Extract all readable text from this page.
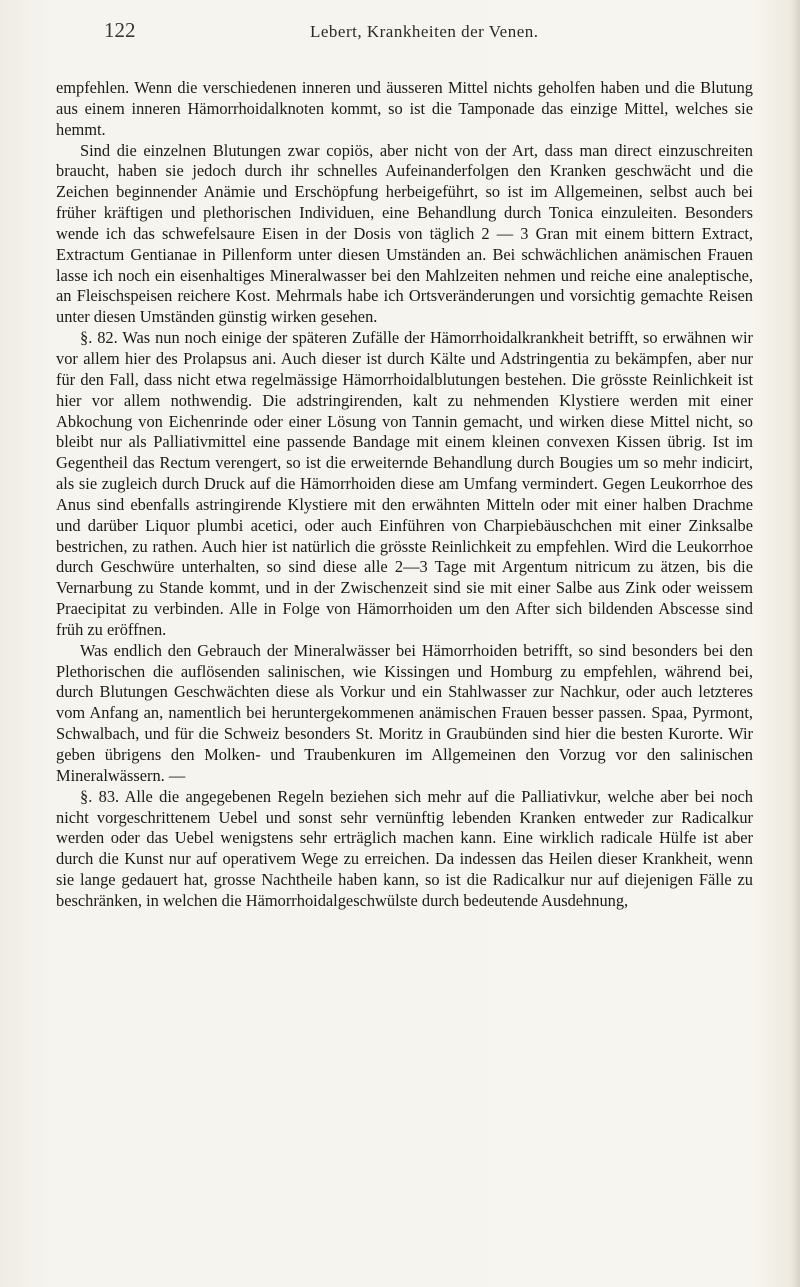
122	Lebert, Krankheiten der Venen.

empfehlen. Wenn die verschiedenen inneren und äusseren Mittel nichts geholfen haben und die Blutung aus einem inneren Hämorrhoidalknoten kommt, so ist die Tamponade das einzige Mittel, welches sie hemmt.

Sind die einzelnen Blutungen zwar copiös, aber nicht von der Art, dass man direct einzuschreiten braucht, haben sie jedoch durch ihr schnelles Aufeinanderfolgen den Kranken geschwächt und die Zeichen beginnender Anämie und Erschöpfung herbeigeführt, so ist im Allgemeinen, selbst auch bei früher kräftigen und plethorischen Individuen, eine Behandlung durch Tonica einzuleiten. Besonders wende ich das schwefelsaure Eisen in der Dosis von täglich 2 — 3 Gran mit einem bittern Extract, Extractum Gentianae in Pillenform unter diesen Umständen an. Bei schwächlichen anämischen Frauen lasse ich noch ein eisenhaltiges Mineralwasser bei den Mahlzeiten nehmen und reiche eine analeptische, an Fleischspeisen reichere Kost. Mehrmals habe ich Ortsveränderungen und vorsichtig gemachte Reisen unter diesen Umständen günstig wirken gesehen.

§. 82. Was nun noch einige der späteren Zufälle der Hämorrhoidalkrankheit betrifft, so erwähnen wir vor allem hier des Prolapsus ani. Auch dieser ist durch Kälte und Adstringentia zu bekämpfen, aber nur für den Fall, dass nicht etwa regelmässige Hämorrhoidalblutungen bestehen. Die grösste Reinlichkeit ist hier vor allem nothwendig. Die adstringirenden, kalt zu nehmenden Klystiere werden mit einer Abkochung von Eichenrinde oder einer Lösung von Tannin gemacht, und wirken diese Mittel nicht, so bleibt nur als Palliativmittel eine passende Bandage mit einem kleinen convexen Kissen übrig. Ist im Gegentheil das Rectum verengert, so ist die erweiternde Behandlung durch Bougies um so mehr indicirt, als sie zugleich durch Druck auf die Hämorrhoiden diese am Umfang vermindert. Gegen Leukorrhoe des Anus sind ebenfalls astringirende Klystiere mit den erwähnten Mitteln oder mit einer halben Drachme und darüber Liquor plumbi acetici, oder auch Einführen von Charpiebäuschchen mit einer Zinksalbe bestrichen, zu rathen. Auch hier ist natürlich die grösste Reinlichkeit zu empfehlen. Wird die Leukorrhoe durch Geschwüre unterhalten, so sind diese alle 2—3 Tage mit Argentum nitricum zu ätzen, bis die Vernarbung zu Stande kommt, und in der Zwischenzeit sind sie mit einer Salbe aus Zink oder weissem Praecipitat zu verbinden. Alle in Folge von Hämorrhoiden um den After sich bildenden Abscesse sind früh zu eröffnen.

Was endlich den Gebrauch der Mineralwässer bei Hämorrhoiden betrifft, so sind besonders bei den Plethorischen die auflösenden salinischen, wie Kissingen und Homburg zu empfehlen, während bei, durch Blutungen Geschwächten diese als Vorkur und ein Stahlwasser zur Nachkur, oder auch letzteres vom Anfang an, namentlich bei heruntergekommenen anämischen Frauen besser passen. Spaa, Pyrmont, Schwalbach, und für die Schweiz besonders St. Moritz in Graubünden sind hier die besten Kurorte. Wir geben übrigens den Molken- und Traubenkuren im Allgemeinen den Vorzug vor den salinischen Mineralwässern. —

§. 83. Alle die angegebenen Regeln beziehen sich mehr auf die Palliativkur, welche aber bei noch nicht vorgeschrittenem Uebel und sonst sehr vernünftig lebenden Kranken entweder zur Radicalkur werden oder das Uebel wenigstens sehr erträglich machen kann. Eine wirklich radicale Hülfe ist aber durch die Kunst nur auf operativem Wege zu erreichen. Da indessen das Heilen dieser Krankheit, wenn sie lange gedauert hat, grosse Nachtheile haben kann, so ist die Radicalkur nur auf diejenigen Fälle zu beschränken, in welchen die Hämorrhoidalgeschwülste durch bedeutende Ausdehnung,
